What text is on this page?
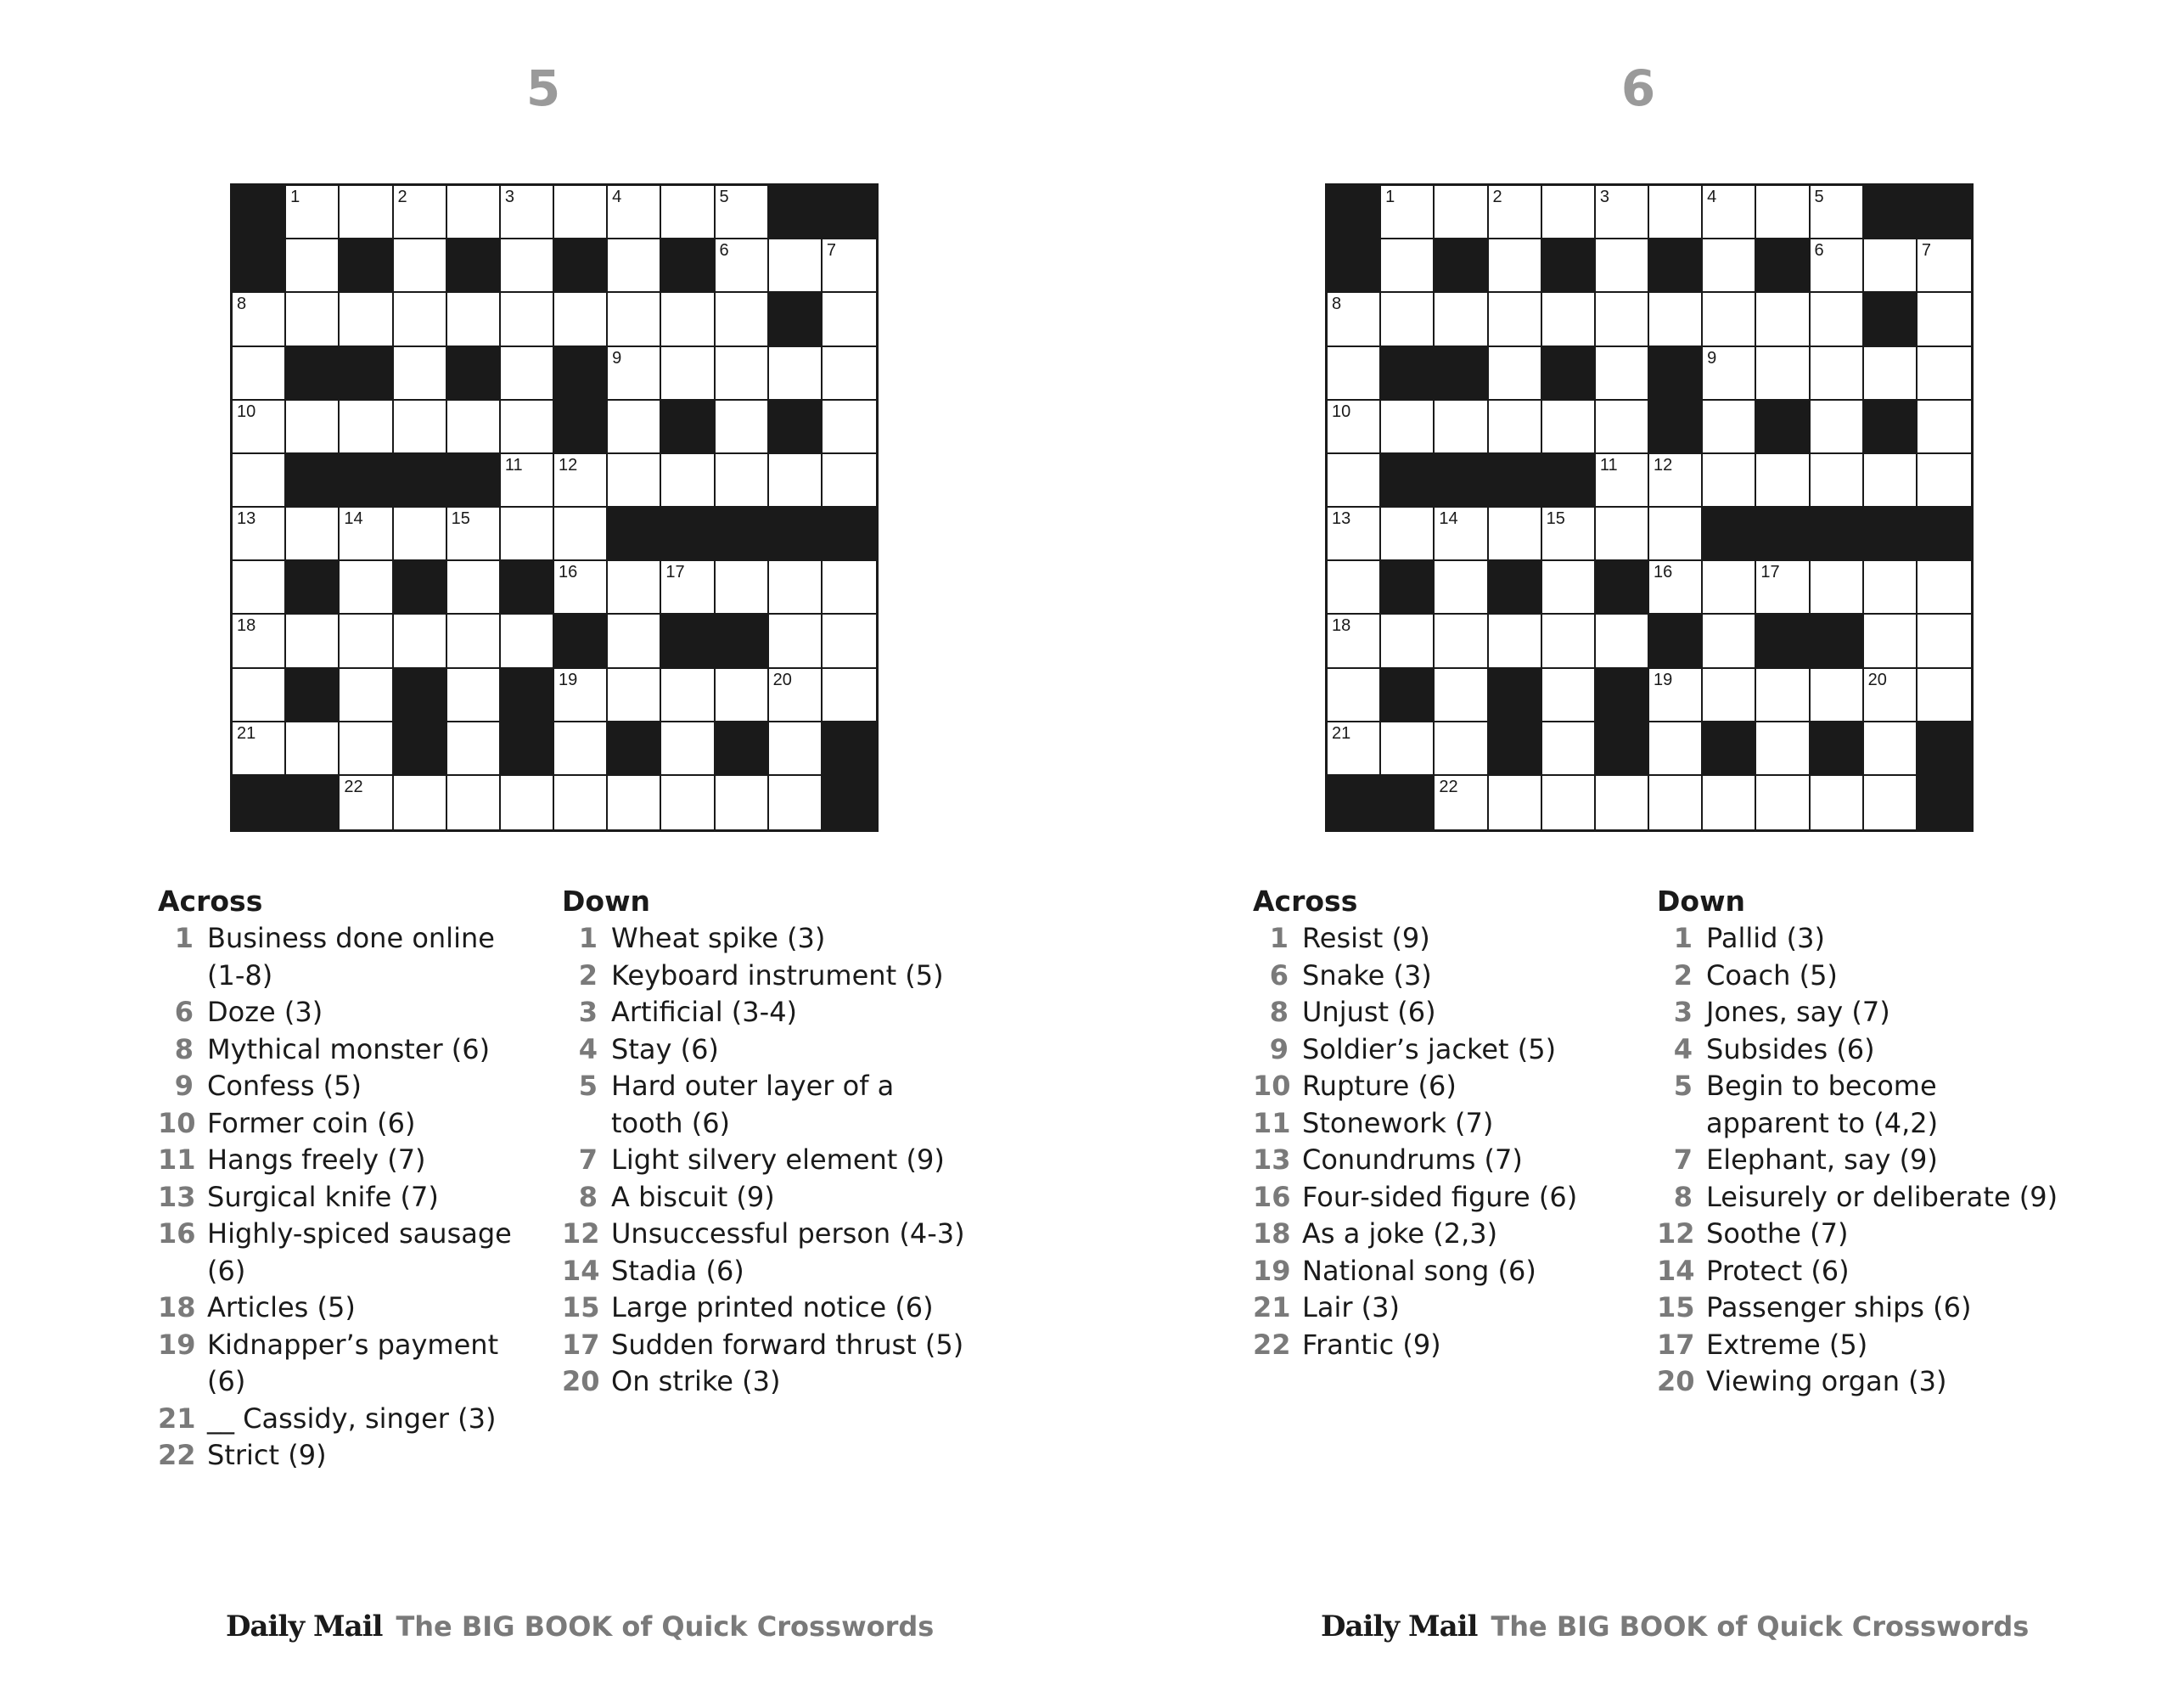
5
1	2	3	4	5
6	7
8
9
10
11 12
13	14	15
16	17
18
19	20
21
22
Across
1 Business done online (1-8)
6 Doze (3)
8 Mythical monster (6)
9 Confess (5)
10 Former coin (6)
11 Hangs freely (7)
13 Surgical knife (7)
16 Highly-spiced sausage (6)
18 Articles (5)
19 Kidnapper’s payment (6)
21 __ Cassidy, singer (3)
22 Strict (9)
Down
1 Wheat spike (3)
2 Keyboard instrument (5)
3 Artificial (3-4)
4 Stay (6)
5 Hard outer layer of a tooth (6)
7 Light silvery element (9)
8 A biscuit (9)
12 Unsuccessful person (4-3)
14 Stadia (6)
15 Large printed notice (6)
17 Sudden forward thrust (5)
20 On strike (3)
Daily Mail The BIG BOOK of Quick Crosswords
6
1	2	3	4	5
6	7
8
9
10
11 12
13	14	15
16	17
18
19	20
21
22
Across
1 Resist (9)
6 Snake (3)
8 Unjust (6)
9 Soldier’s jacket (5)
10 Rupture (6)
11 Stonework (7)
13 Conundrums (7)
16 Four-sided figure (6)
18 As a joke (2,3)
19 National song (6)
21 Lair (3)
22 Frantic (9)
Down
1 Pallid (3)
2 Coach (5)
3 Jones, say (7)
4 Subsides (6)
5 Begin to become apparent to (4,2)
7 Elephant, say (9)
8 Leisurely or deliberate (9)
12 Soothe (7)
14 Protect (6)
15 Passenger ships (6)
17 Extreme (5)
20 Viewing organ (3)
Daily Mail The BIG BOOK of Quick Crosswords
